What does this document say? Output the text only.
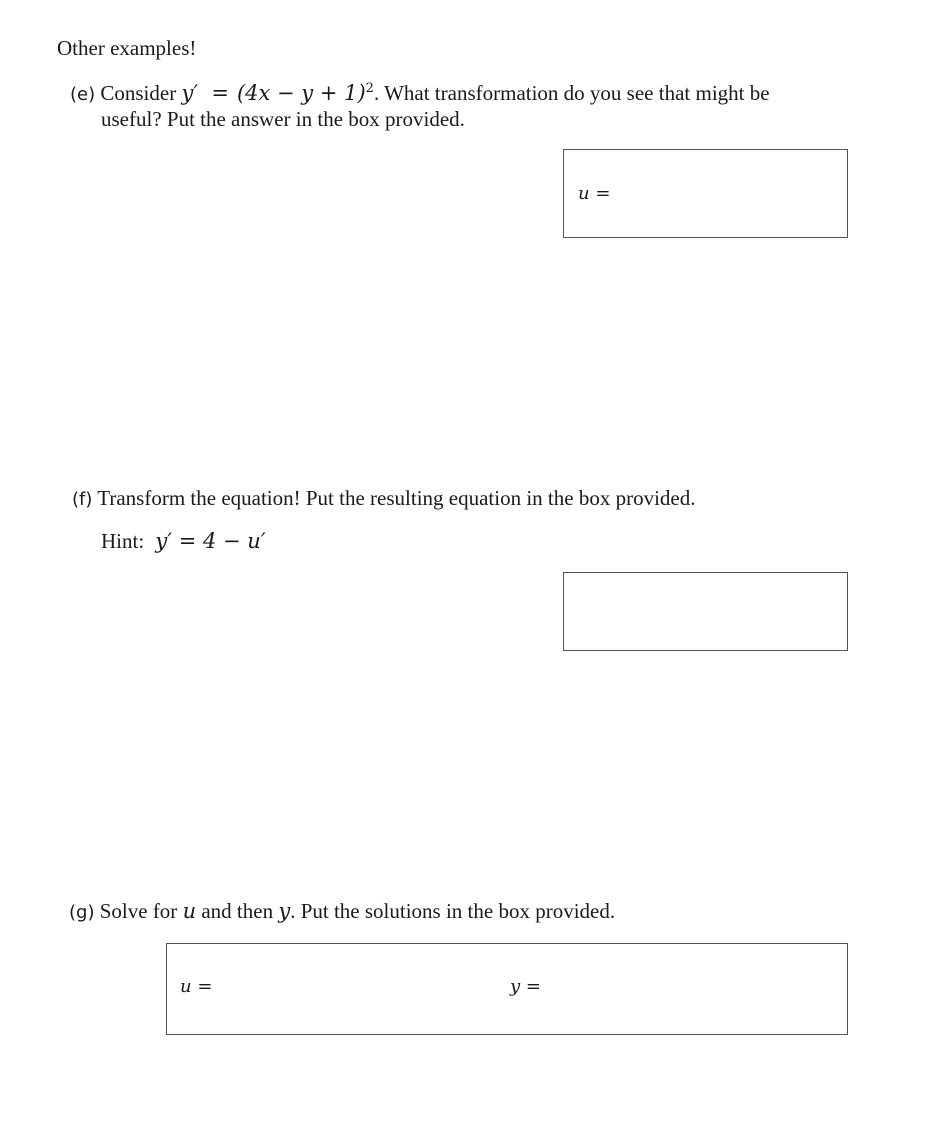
Other examples!
(e) Consider $y' = (4x - y + 1)^2$. What transformation do you see that might be
useful? Put the answer in the box provided.
u =
(f) Transform the equation! Put the resulting equation in the box provided.
Hint: y′ = 4 − u′
(g) Solve for u and then y. Put the solutions in the box provided.
u =	y =
